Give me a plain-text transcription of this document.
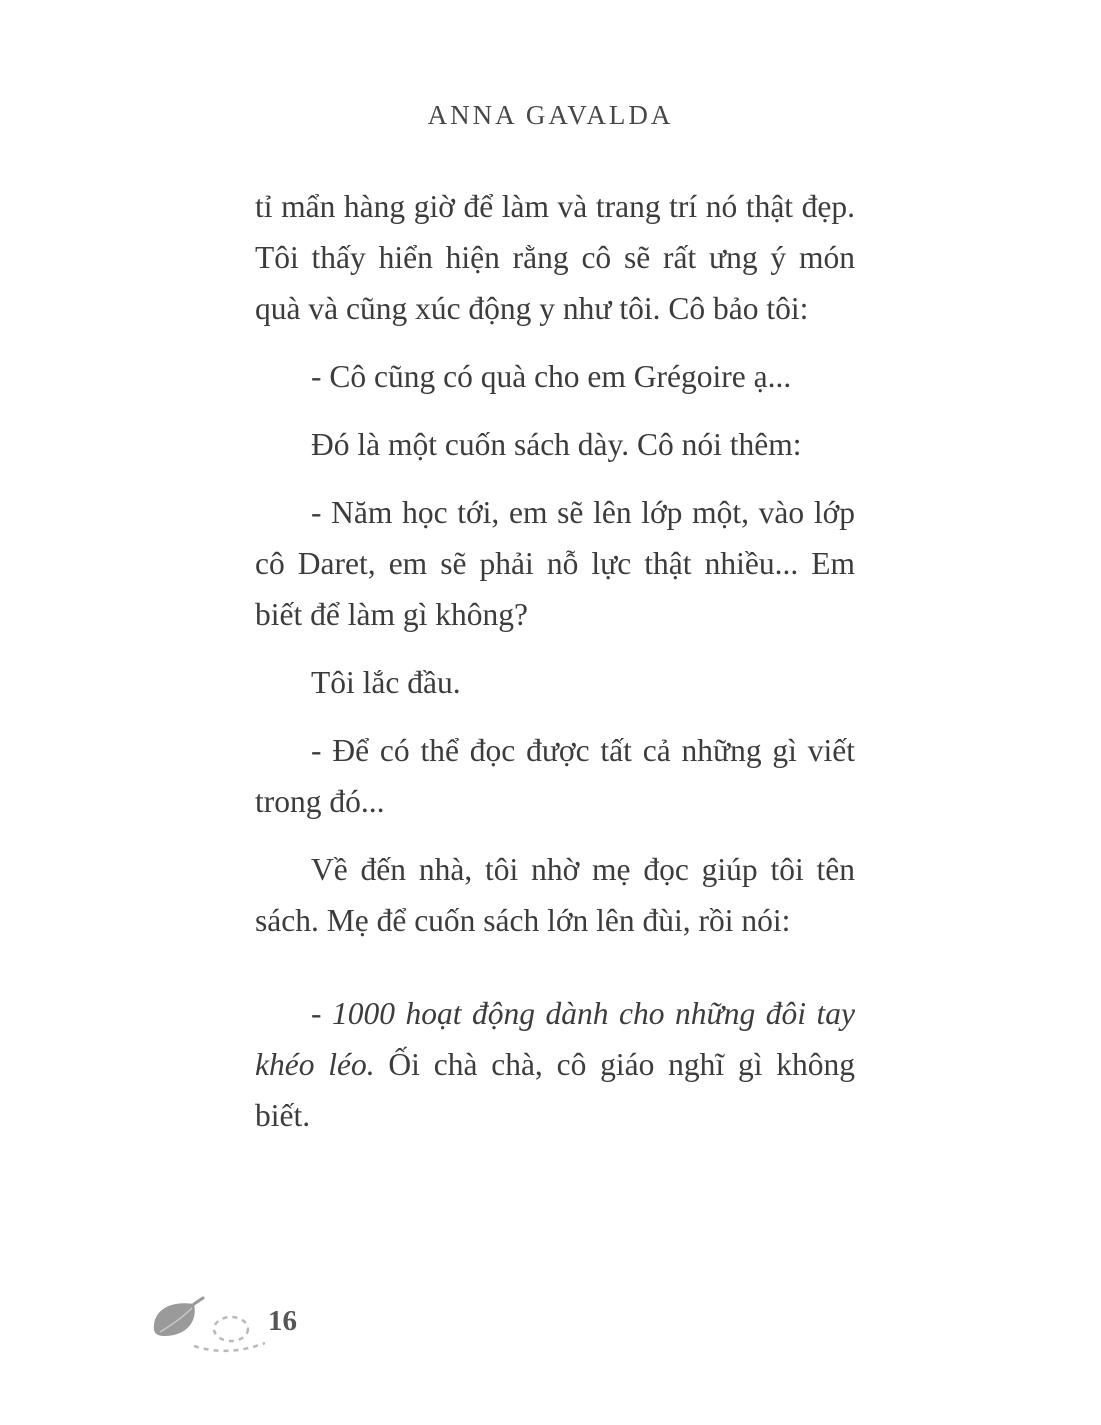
ANNA GAVALDA

tỉ mẩn hàng giờ để làm và trang trí nó thật đẹp. Tôi thấy hiển hiện rằng cô sẽ rất ưng ý món quà và cũng xúc động y như tôi. Cô bảo tôi:

- Cô cũng có quà cho em Grégoire ạ...

Đó là một cuốn sách dày. Cô nói thêm:

- Năm học tới, em sẽ lên lớp một, vào lớp cô Daret, em sẽ phải nỗ lực thật nhiều... Em biết để làm gì không?

Tôi lắc đầu.

- Để có thể đọc được tất cả những gì viết trong đó...

Về đến nhà, tôi nhờ mẹ đọc giúp tôi tên sách. Mẹ để cuốn sách lớn lên đùi, rồi nói:

- 1000 hoạt động dành cho những đôi tay khéo léo. Ối chà chà, cô giáo nghĩ gì không biết.

16
